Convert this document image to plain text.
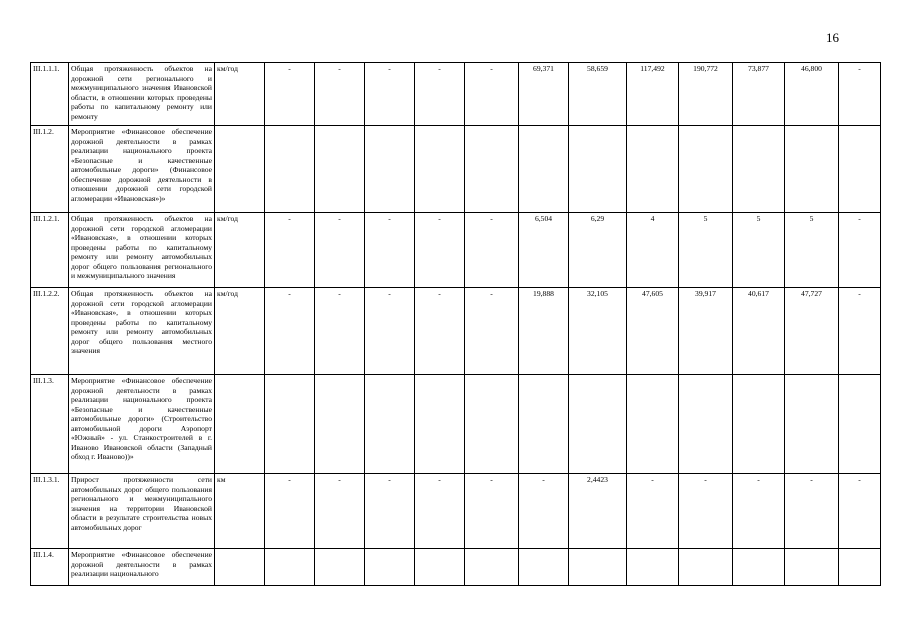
16
III.1.1.1.	Общая протяженность объектов на дорожной сети регионального и межмуниципального значения Ивановской области, в отношении которых проведены работы по капитальному ремонту или ремонту	км/год	-	-	-	-	-	69,371	58,659	117,492	190,772	73,877	46,800	-
III.1.2.	Мероприятие «Финансовое обеспечение дорожной деятельности в рамках реализации национального проекта «Безопасные и качественные автомобильные дороги» (Финансовое обеспечение дорожной деятельности в отношении дорожной сети городской агломерации «Ивановская»)»													
III.1.2.1.	Общая протяженность объектов на дорожной сети городской агломерации «Ивановская», в отношении которых проведены работы по капитальному ремонту или ремонту автомобильных дорог общего пользования регионального и межмуниципального значения	км/год	-	-	-	-	-	6,504	6,29	4	5	5	5	-
III.1.2.2.	Общая протяженность объектов на дорожной сети городской агломерации «Ивановская», в отношении которых проведены работы по капитальному ремонту или ремонту автомобильных дорог общего пользования местного значения	км/год	-	-	-	-	-	19,888	32,105	47,605	39,917	40,617	47,727	-
III.1.3.	Мероприятие «Финансовое обеспечение дорожной деятельности в рамках реализации национального проекта «Безопасные и качественные автомобильные дороги» (Строительство автомобильной дороги Аэропорт «Южный» - ул. Станкостроителей в г. Иваново Ивановской области (Западный обход г. Иваново))»													
III.1.3.1.	Прирост протяженности сети автомобильных дорог общего пользования регионального и межмуниципального значения на территории Ивановской области в результате строительства новых автомобильных дорог	км	-	-	-	-	-	-	2,4423	-	-	-	-	-
III.1.4.	Мероприятие «Финансовое обеспечение дорожной деятельности в рамках реализации национального													
